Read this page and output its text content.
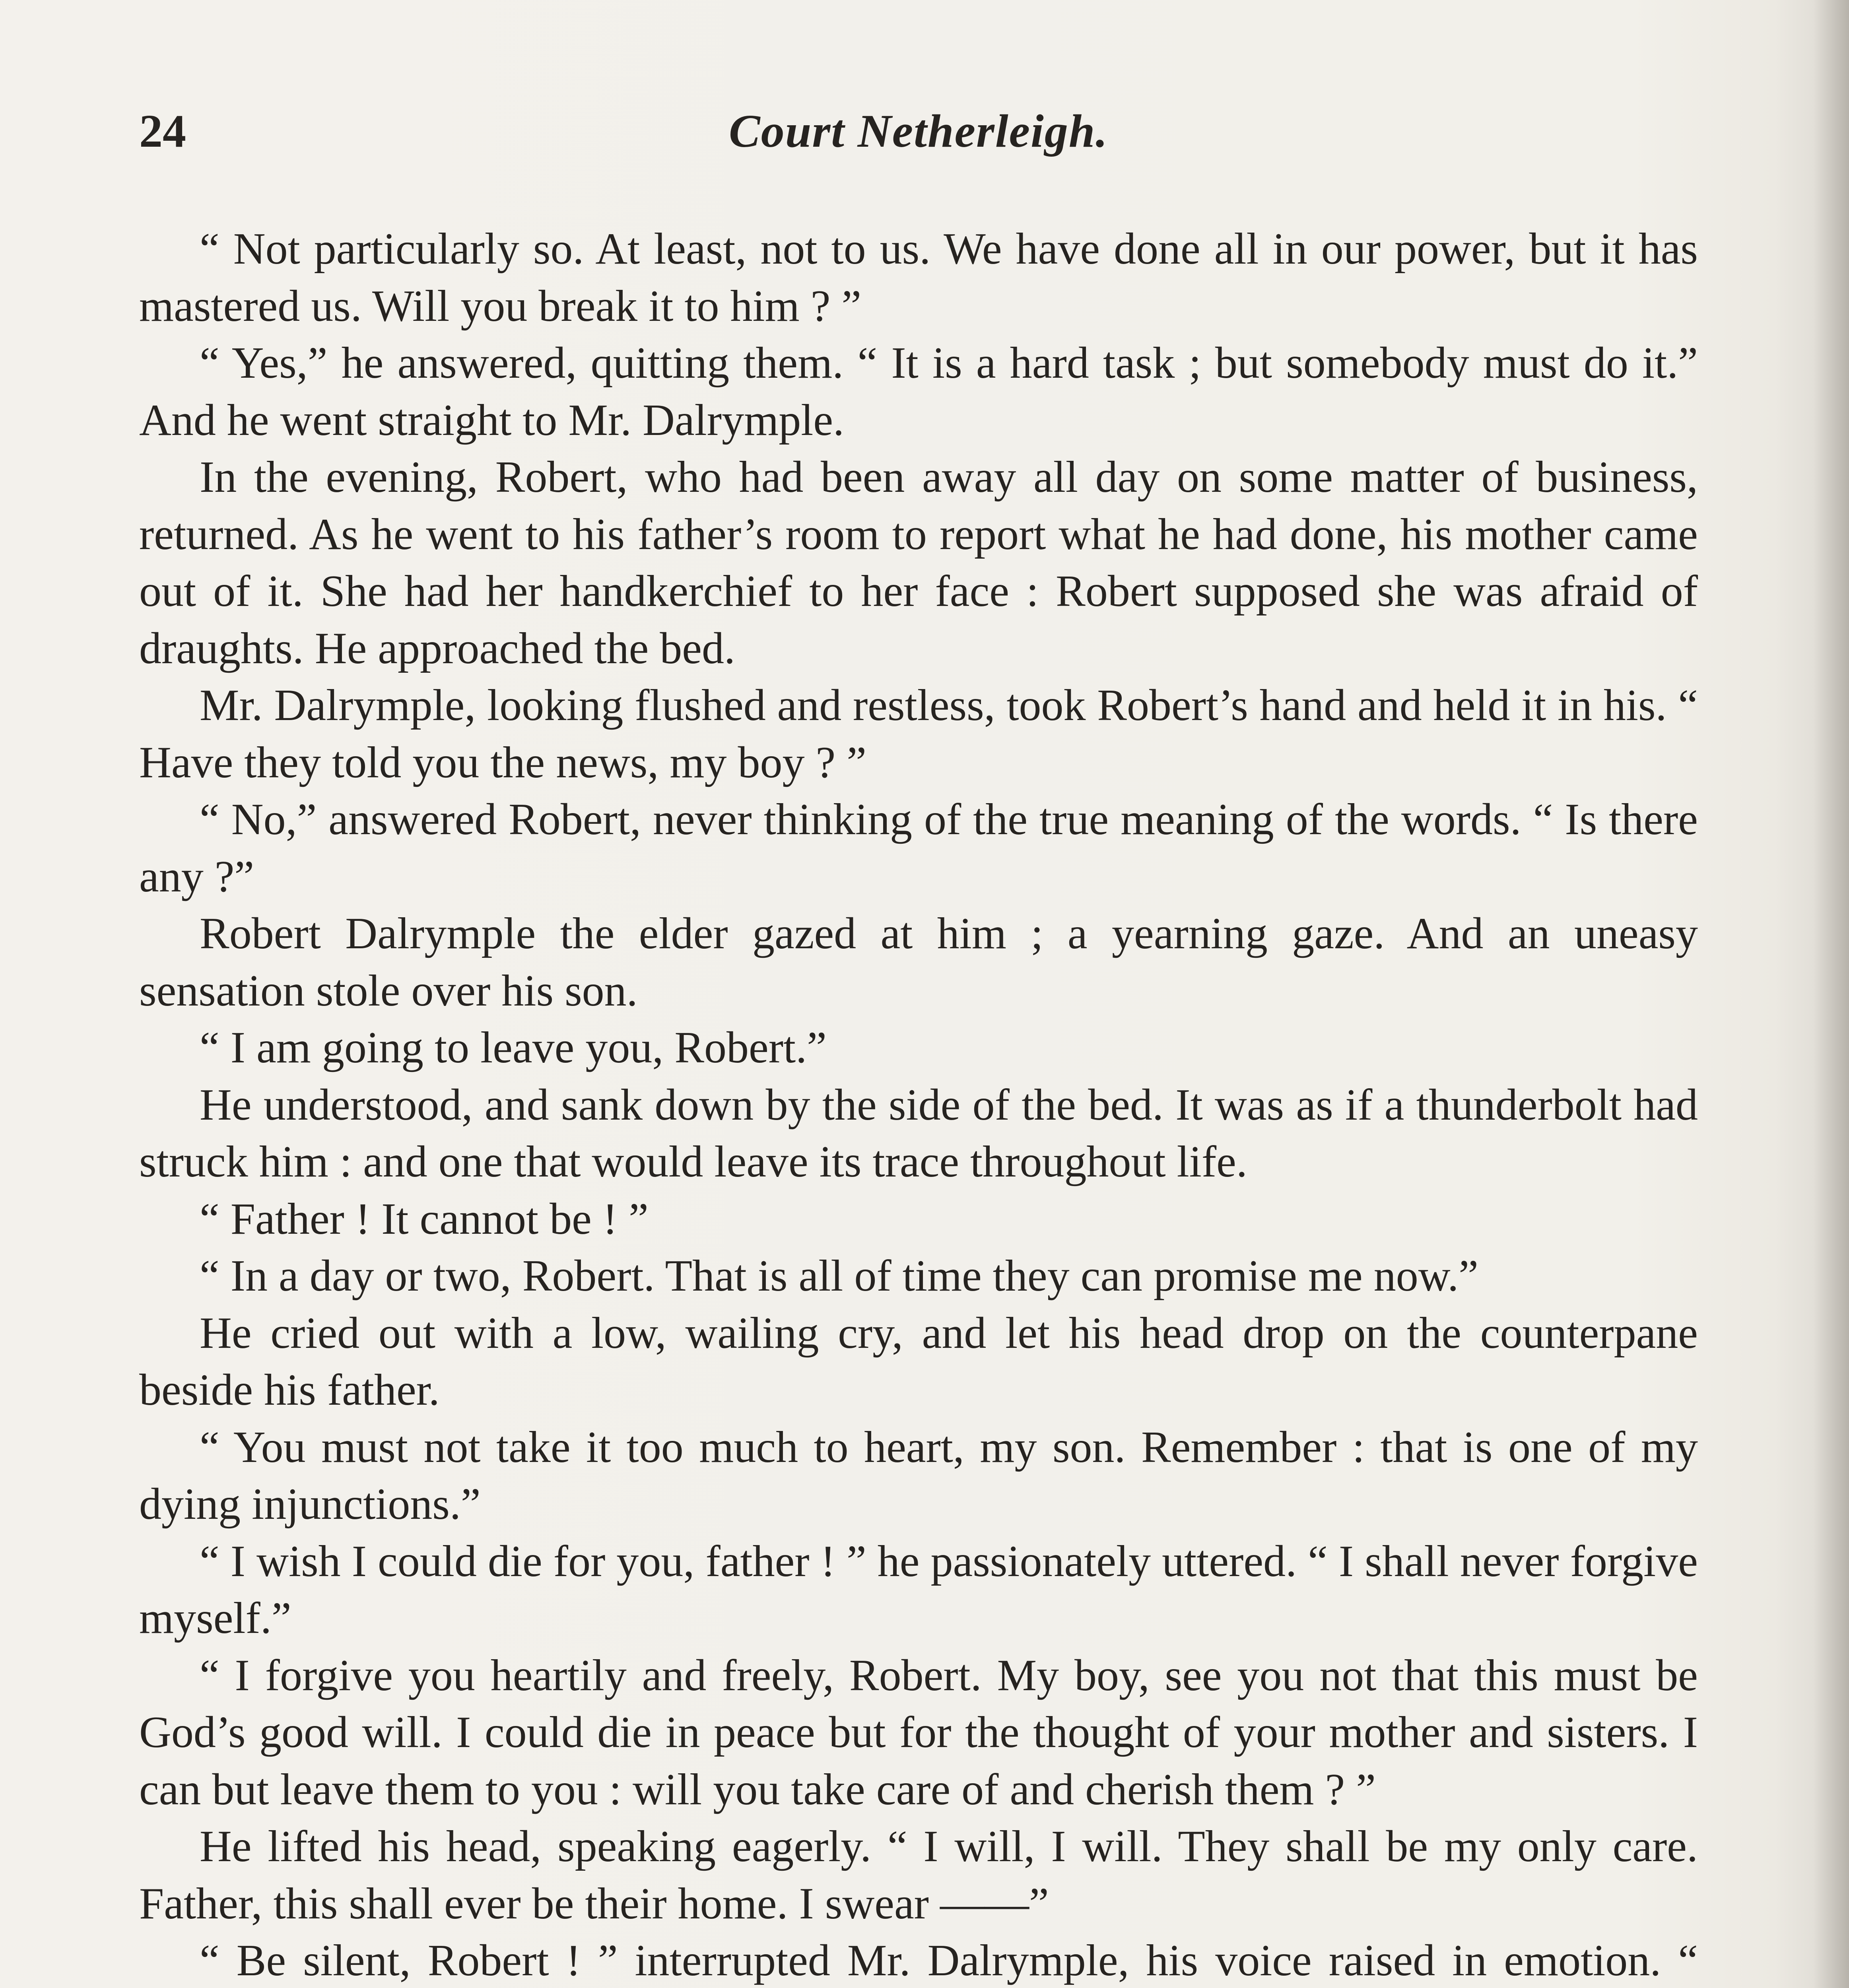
24	Court Netherleigh.

“ Not particularly so. At least, not to us. We have done all in our power, but it has mastered us. Will you break it to him ? ”

“ Yes,” he answered, quitting them. “ It is a hard task ; but somebody must do it.” And he went straight to Mr. Dalrymple.

In the evening, Robert, who had been away all day on some matter of business, returned. As he went to his father’s room to report what he had done, his mother came out of it. She had her handkerchief to her face : Robert supposed she was afraid of draughts. He approached the bed.

Mr. Dalrymple, looking flushed and restless, took Robert’s hand and held it in his. “ Have they told you the news, my boy ? ”

“ No,” answered Robert, never thinking of the true meaning of the words. “ Is there any ?”

Robert Dalrymple the elder gazed at him ; a yearning gaze. And an uneasy sensation stole over his son.

“ I am going to leave you, Robert.”

He understood, and sank down by the side of the bed. It was as if a thunderbolt had struck him : and one that would leave its trace throughout life.

“ Father ! It cannot be ! ”

“ In a day or two, Robert. That is all of time they can promise me now.”

He cried out with a low, wailing cry, and let his head drop on the counterpane beside his father.

“ You must not take it too much to heart, my son. Remember : that is one of my dying injunctions.”

“ I wish I could die for you, father ! ” he passionately uttered. “ I shall never forgive myself.”

“ I forgive you heartily and freely, Robert. My boy, see you not that this must be God’s good will. I could die in peace but for the thought of your mother and sisters. I can but leave them to you : will you take care of and cherish them ? ”

He lifted his head, speaking eagerly. “ I will, I will. They shall be my only care. Father, this shall ever be their home. I swear ——”

“ Be silent, Robert ! ” interrupted Mr. Dalrymple, his voice raised in emotion. “
